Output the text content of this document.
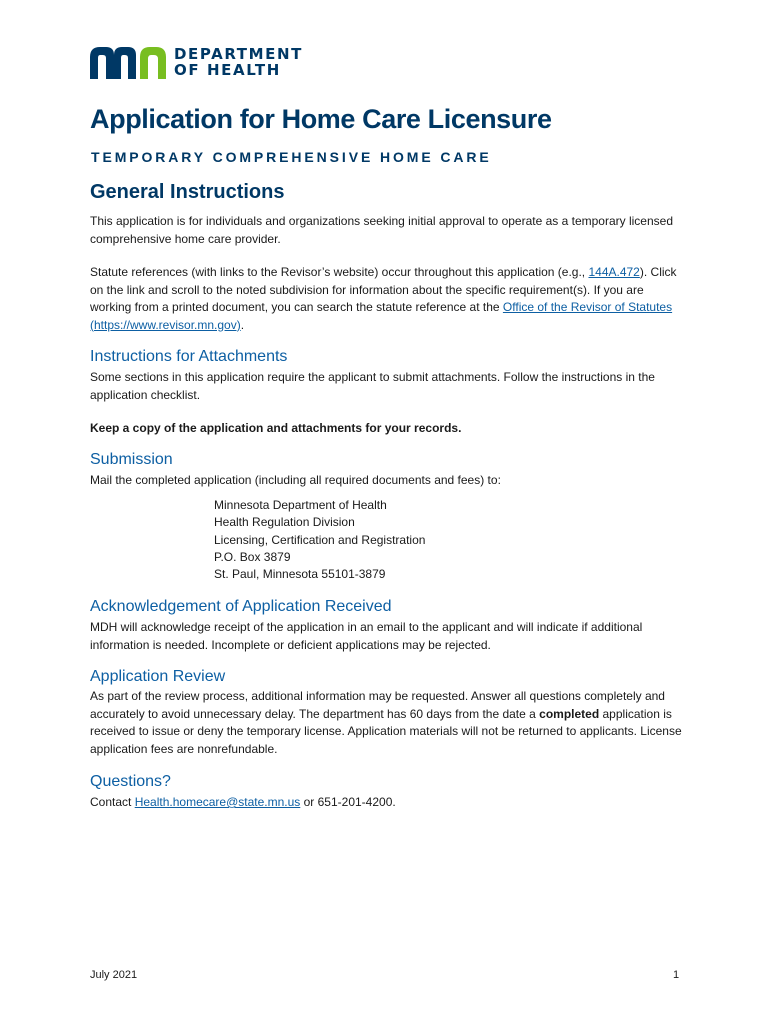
DEPARTMENT
OF HEALTH
Application for Home Care Licensure
TEMPORARY COMPREHENSIVE HOME CARE
General Instructions
This application is for individuals and organizations seeking initial approval to operate as a temporary licensed comprehensive home care provider.
Statute references (with links to the Revisor’s website) occur throughout this application (e.g., 144A.472). Click on the link and scroll to the noted subdivision for information about the specific requirement(s). If you are working from a printed document, you can search the statute reference at the Office of the Revisor of Statutes (https://www.revisor.mn.gov).
Instructions for Attachments
Some sections in this application require the applicant to submit attachments. Follow the instructions in the application checklist.
Keep a copy of the application and attachments for your records.
Submission
Mail the completed application (including all required documents and fees) to:
Minnesota Department of Health
Health Regulation Division
Licensing, Certification and Registration
P.O. Box 3879
St. Paul, Minnesota 55101-3879
Acknowledgement of Application Received
MDH will acknowledge receipt of the application in an email to the applicant and will indicate if additional information is needed. Incomplete or deficient applications may be rejected.
Application Review
As part of the review process, additional information may be requested. Answer all questions completely and accurately to avoid unnecessary delay. The department has 60 days from the date a completed application is received to issue or deny the temporary license. Application materials will not be returned to applicants. License application fees are nonrefundable.
Questions?
Contact Health.homecare@state.mn.us or 651-201-4200.
July 2021	1
